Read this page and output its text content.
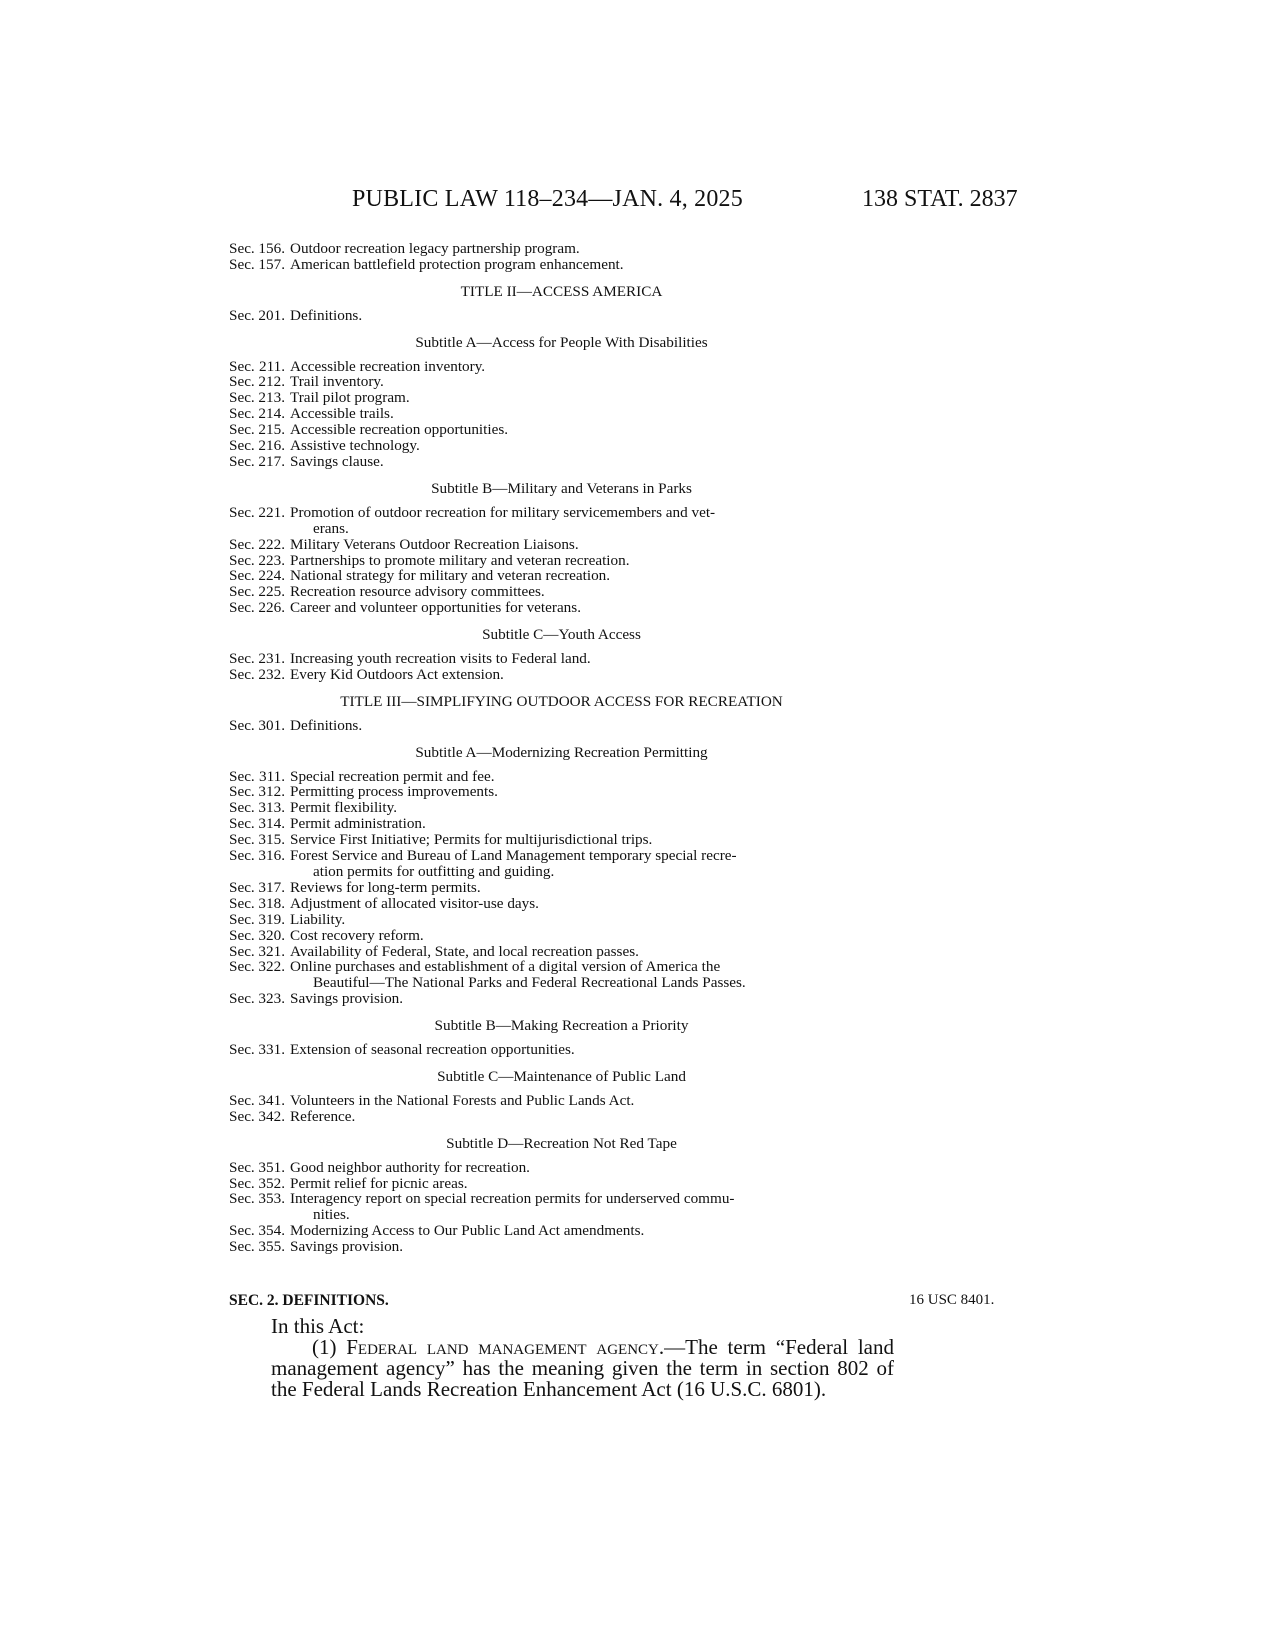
PUBLIC LAW 118–234—JAN. 4, 2025	138 STAT. 2837
Sec. 156. Outdoor recreation legacy partnership program.
Sec. 157. American battlefield protection program enhancement.
TITLE II—ACCESS AMERICA
Sec. 201. Definitions.
Subtitle A—Access for People With Disabilities
Sec. 211. Accessible recreation inventory.
Sec. 212. Trail inventory.
Sec. 213. Trail pilot program.
Sec. 214. Accessible trails.
Sec. 215. Accessible recreation opportunities.
Sec. 216. Assistive technology.
Sec. 217. Savings clause.
Subtitle B—Military and Veterans in Parks
Sec. 221. Promotion of outdoor recreation for military servicemembers and vet-
erans.
Sec. 222. Military Veterans Outdoor Recreation Liaisons.
Sec. 223. Partnerships to promote military and veteran recreation.
Sec. 224. National strategy for military and veteran recreation.
Sec. 225. Recreation resource advisory committees.
Sec. 226. Career and volunteer opportunities for veterans.
Subtitle C—Youth Access
Sec. 231. Increasing youth recreation visits to Federal land.
Sec. 232. Every Kid Outdoors Act extension.
TITLE III—SIMPLIFYING OUTDOOR ACCESS FOR RECREATION
Sec. 301. Definitions.
Subtitle A—Modernizing Recreation Permitting
Sec. 311. Special recreation permit and fee.
Sec. 312. Permitting process improvements.
Sec. 313. Permit flexibility.
Sec. 314. Permit administration.
Sec. 315. Service First Initiative; Permits for multijurisdictional trips.
Sec. 316. Forest Service and Bureau of Land Management temporary special recre-
ation permits for outfitting and guiding.
Sec. 317. Reviews for long-term permits.
Sec. 318. Adjustment of allocated visitor-use days.
Sec. 319. Liability.
Sec. 320. Cost recovery reform.
Sec. 321. Availability of Federal, State, and local recreation passes.
Sec. 322. Online purchases and establishment of a digital version of America the
Beautiful—The National Parks and Federal Recreational Lands Passes.
Sec. 323. Savings provision.
Subtitle B—Making Recreation a Priority
Sec. 331. Extension of seasonal recreation opportunities.
Subtitle C—Maintenance of Public Land
Sec. 341. Volunteers in the National Forests and Public Lands Act.
Sec. 342. Reference.
Subtitle D—Recreation Not Red Tape
Sec. 351. Good neighbor authority for recreation.
Sec. 352. Permit relief for picnic areas.
Sec. 353. Interagency report on special recreation permits for underserved commu-
nities.
Sec. 354. Modernizing Access to Our Public Land Act amendments.
Sec. 355. Savings provision.
SEC. 2. DEFINITIONS.	16 USC 8401.
In this Act:
(1) Federal land management agency.—The term “Federal land management agency” has the meaning given the term in section 802 of the Federal Lands Recreation Enhancement Act (16 U.S.C. 6801).
